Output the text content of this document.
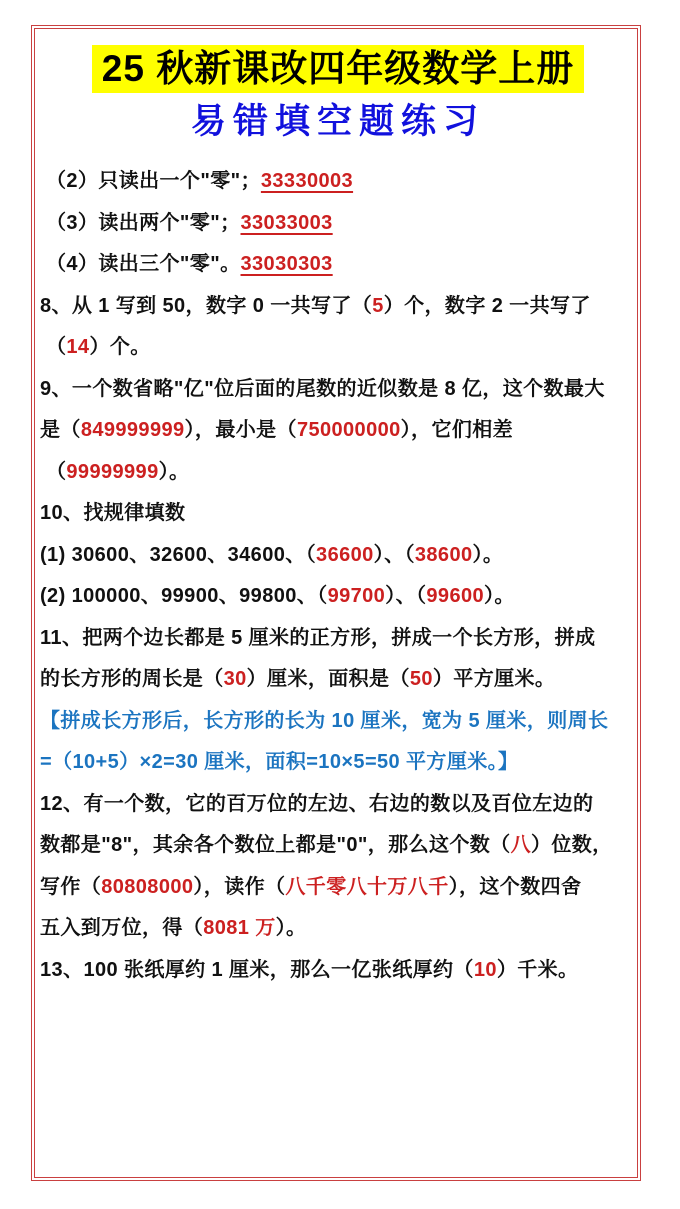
25 秋新课改四年级数学上册
易错填空题练习
（2）只读出一个"零"；33330003
（3）读出两个"零"；33033003
（4）读出三个"零"。33030303
8、从 1 写到 50，数字 0 一共写了（5）个，数字 2 一共写了
（14）个。
9、一个数省略"亿"位后面的尾数的近似数是 8 亿，这个数最大
是（849999999），最小是（750000000），它们相差
（99999999）。
10、找规律填数
(1) 30600、32600、34600、（36600）、（38600）。
(2) 100000、99900、99800、（99700）、（99600）。
11、把两个边长都是 5 厘米的正方形，拼成一个长方形，拼成
的长方形的周长是（30）厘米，面积是（50）平方厘米。
【拼成长方形后，长方形的长为 10 厘米，宽为 5 厘米，则周长
=（10+5）×2=30 厘米，面积=10×5=50 平方厘米。】
12、有一个数，它的百万位的左边、右边的数以及百位左边的
数都是"8"，其余各个数位上都是"0"，那么这个数（八）位数，
写作（80808000），读作（八千零八十万八千），这个数四舍
五入到万位，得（8081 万）。
13、100 张纸厚约 1 厘米，那么一亿张纸厚约（10）千米。
